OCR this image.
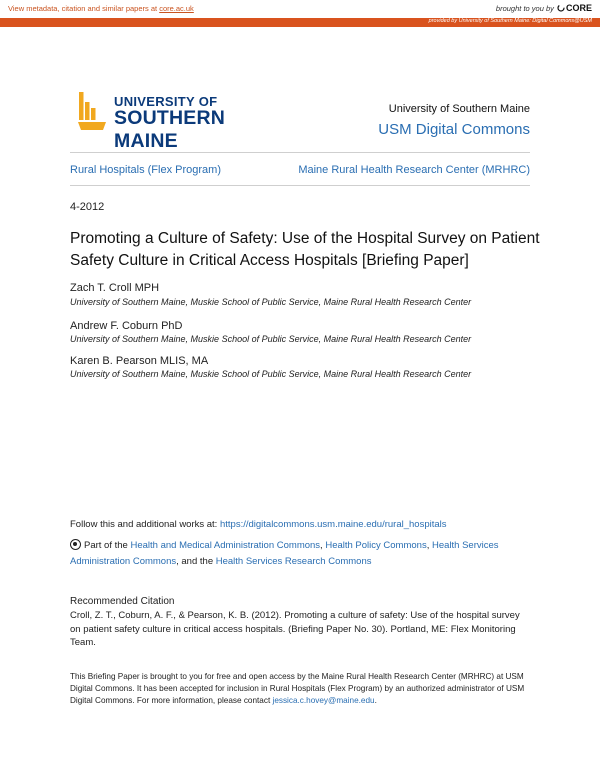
View metadata, citation and similar papers at core.ac.uk	brought to you by CORE
provided by University of Southern Maine: Digital Commons@USM
UNIVERSITY OF
SOUTHERN MAINE
University of Southern Maine
USM Digital Commons
Rural Hospitals (Flex Program)	Maine Rural Health Research Center (MRHRC)
4-2012
Promoting a Culture of Safety: Use of the Hospital Survey on Patient Safety Culture in Critical Access Hospitals [Briefing Paper]
Zach T. Croll MPH
University of Southern Maine, Muskie School of Public Service, Maine Rural Health Research Center
Andrew F. Coburn PhD
University of Southern Maine, Muskie School of Public Service, Maine Rural Health Research Center
Karen B. Pearson MLIS, MA
University of Southern Maine, Muskie School of Public Service, Maine Rural Health Research Center
Follow this and additional works at: https://digitalcommons.usm.maine.edu/rural_hospitals
Part of the Health and Medical Administration Commons, Health Policy Commons, Health Services Administration Commons, and the Health Services Research Commons
Recommended Citation
Croll, Z. T., Coburn, A. F., & Pearson, K. B. (2012). Promoting a culture of safety: Use of the hospital survey on patient safety culture in critical access hospitals. (Briefing Paper No. 30). Portland, ME: Flex Monitoring Team.
This Briefing Paper is brought to you for free and open access by the Maine Rural Health Research Center (MRHRC) at USM Digital Commons. It has been accepted for inclusion in Rural Hospitals (Flex Program) by an authorized administrator of USM Digital Commons. For more information, please contact jessica.c.hovey@maine.edu.
